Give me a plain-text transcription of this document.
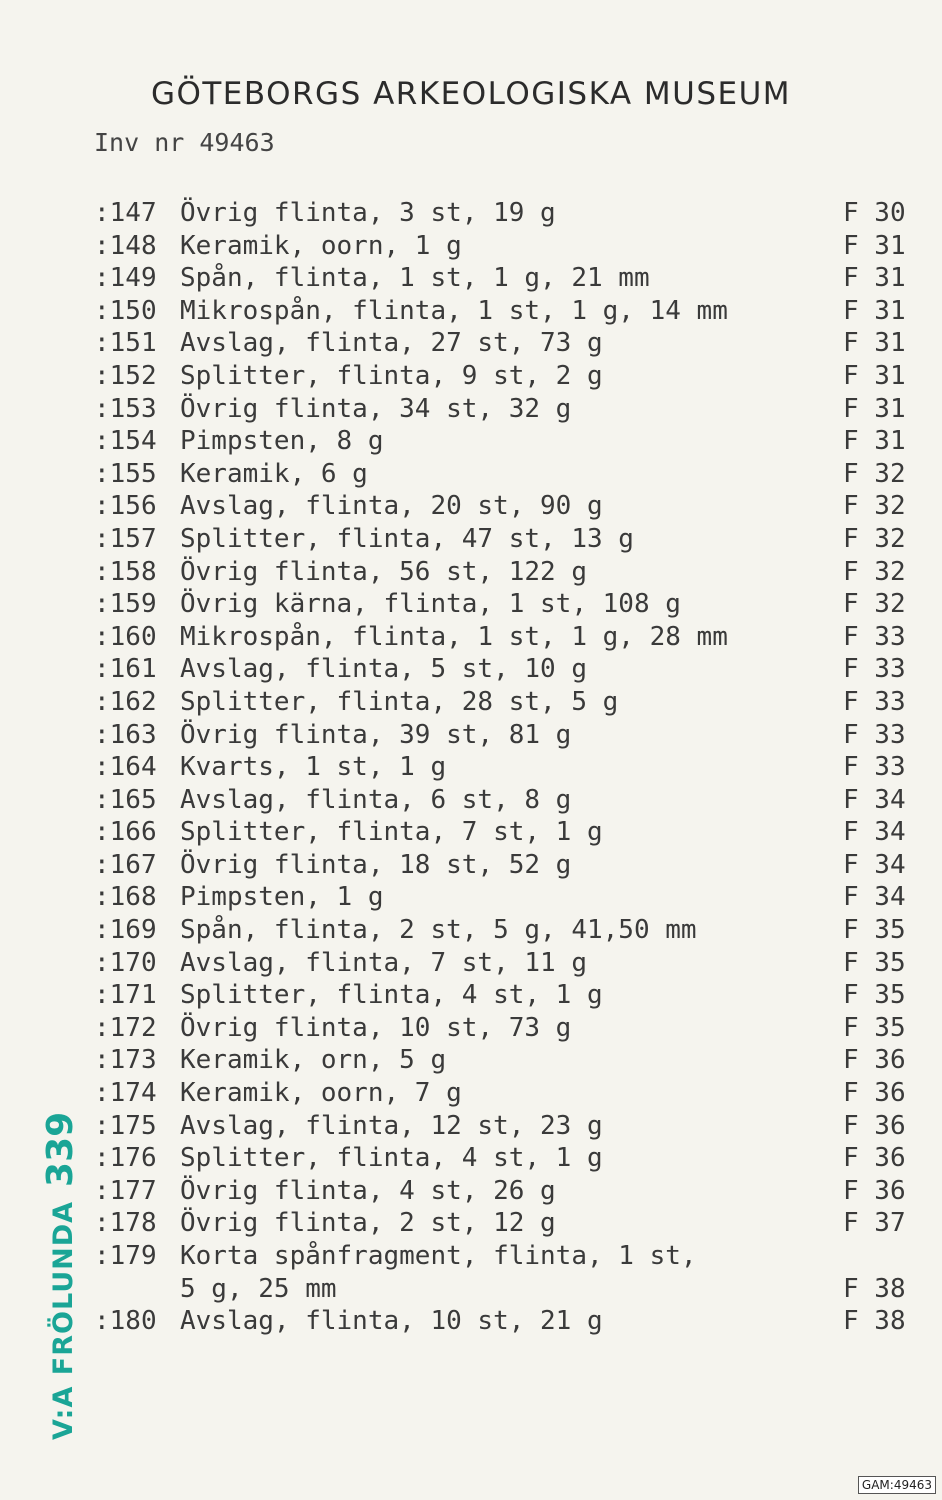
GÖTEBORGS ARKEOLOGISKA MUSEUM
Inv nr 49463
:147 Övrig flinta, 3 st, 19 g	F 30
:148 Keramik, oorn, 1 g	F 31
:149 Spån, flinta, 1 st, 1 g, 21 mm	F 31
:150 Mikrospån, flinta, 1 st, 1 g, 14 mm	F 31
:151 Avslag, flinta, 27 st, 73 g	F 31
:152 Splitter, flinta, 9 st, 2 g	F 31
:153 Övrig flinta, 34 st, 32 g	F 31
:154 Pimpsten, 8 g	F 31
:155 Keramik, 6 g	F 32
:156 Avslag, flinta, 20 st, 90 g	F 32
:157 Splitter, flinta, 47 st, 13 g	F 32
:158 Övrig flinta, 56 st, 122 g	F 32
:159 Övrig kärna, flinta, 1 st, 108 g	F 32
:160 Mikrospån, flinta, 1 st, 1 g, 28 mm	F 33
:161 Avslag, flinta, 5 st, 10 g	F 33
:162 Splitter, flinta, 28 st, 5 g	F 33
:163 Övrig flinta, 39 st, 81 g	F 33
:164 Kvarts, 1 st, 1 g	F 33
:165 Avslag, flinta, 6 st, 8 g	F 34
:166 Splitter, flinta, 7 st, 1 g	F 34
:167 Övrig flinta, 18 st, 52 g	F 34
:168 Pimpsten, 1 g	F 34
:169 Spån, flinta, 2 st, 5 g, 41,50 mm	F 35
:170 Avslag, flinta, 7 st, 11 g	F 35
:171 Splitter, flinta, 4 st, 1 g	F 35
:172 Övrig flinta, 10 st, 73 g	F 35
:173 Keramik, orn, 5 g	F 36
:174 Keramik, oorn, 7 g	F 36
:175 Avslag, flinta, 12 st, 23 g	F 36
:176 Splitter, flinta, 4 st, 1 g	F 36
:177 Övrig flinta, 4 st, 26 g	F 36
:178 Övrig flinta, 2 st, 12 g	F 37
:179 Korta spånfragment, flinta, 1 st,
5 g, 25 mm	F 38
:180 Avslag, flinta, 10 st, 21 g	F 38
V:A FRÖLUNDA339
GAM:49463
